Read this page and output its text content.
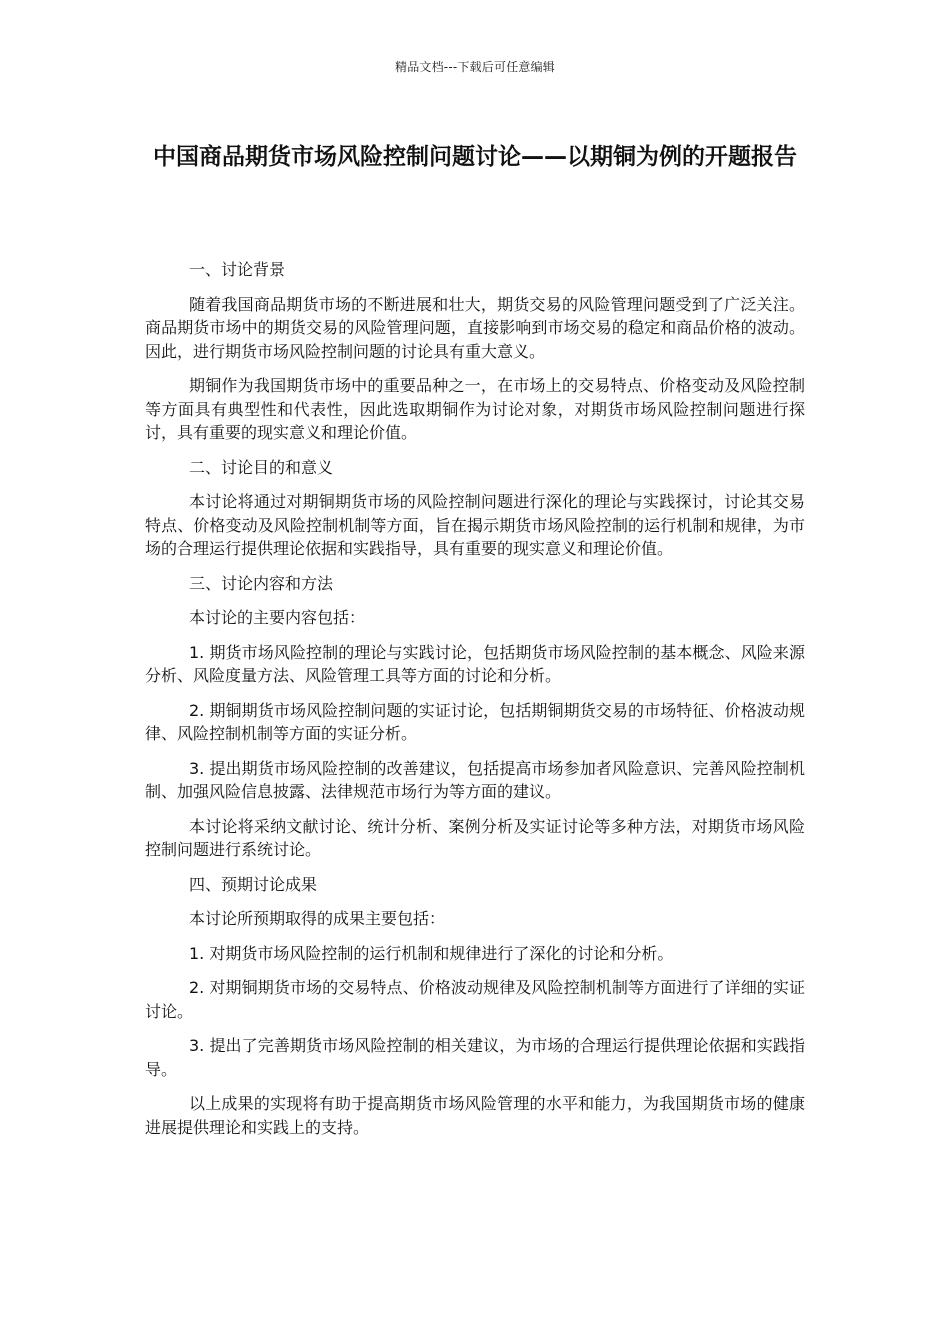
精品文档---下载后可任意编辑
中国商品期货市场风险控制问题讨论——以期铜为例的开题报告

一、讨论背景

随着我国商品期货市场的不断进展和壮大，期货交易的风险管理问题受到了广泛关注。商品期货市场中的期货交易的风险管理问题，直接影响到市场交易的稳定和商品价格的波动。因此，进行期货市场风险控制问题的讨论具有重大意义。

期铜作为我国期货市场中的重要品种之一，在市场上的交易特点、价格变动及风险控制等方面具有典型性和代表性，因此选取期铜作为讨论对象，对期货市场风险控制问题进行探讨，具有重要的现实意义和理论价值。

二、讨论目的和意义

本讨论将通过对期铜期货市场的风险控制问题进行深化的理论与实践探讨，讨论其交易特点、价格变动及风险控制机制等方面，旨在揭示期货市场风险控制的运行机制和规律，为市场的合理运行提供理论依据和实践指导，具有重要的现实意义和理论价值。

三、讨论内容和方法

本讨论的主要内容包括：

1. 期货市场风险控制的理论与实践讨论，包括期货市场风险控制的基本概念、风险来源分析、风险度量方法、风险管理工具等方面的讨论和分析。

2. 期铜期货市场风险控制问题的实证讨论，包括期铜期货交易的市场特征、价格波动规律、风险控制机制等方面的实证分析。

3. 提出期货市场风险控制的改善建议，包括提高市场参加者风险意识、完善风险控制机制、加强风险信息披露、法律规范市场行为等方面的建议。

本讨论将采纳文献讨论、统计分析、案例分析及实证讨论等多种方法，对期货市场风险控制问题进行系统讨论。

四、预期讨论成果

本讨论所预期取得的成果主要包括：

1. 对期货市场风险控制的运行机制和规律进行了深化的讨论和分析。

2. 对期铜期货市场的交易特点、价格波动规律及风险控制机制等方面进行了详细的实证讨论。

3. 提出了完善期货市场风险控制的相关建议，为市场的合理运行提供理论依据和实践指导。

以上成果的实现将有助于提高期货市场风险管理的水平和能力，为我国期货市场的健康进展提供理论和实践上的支持。
